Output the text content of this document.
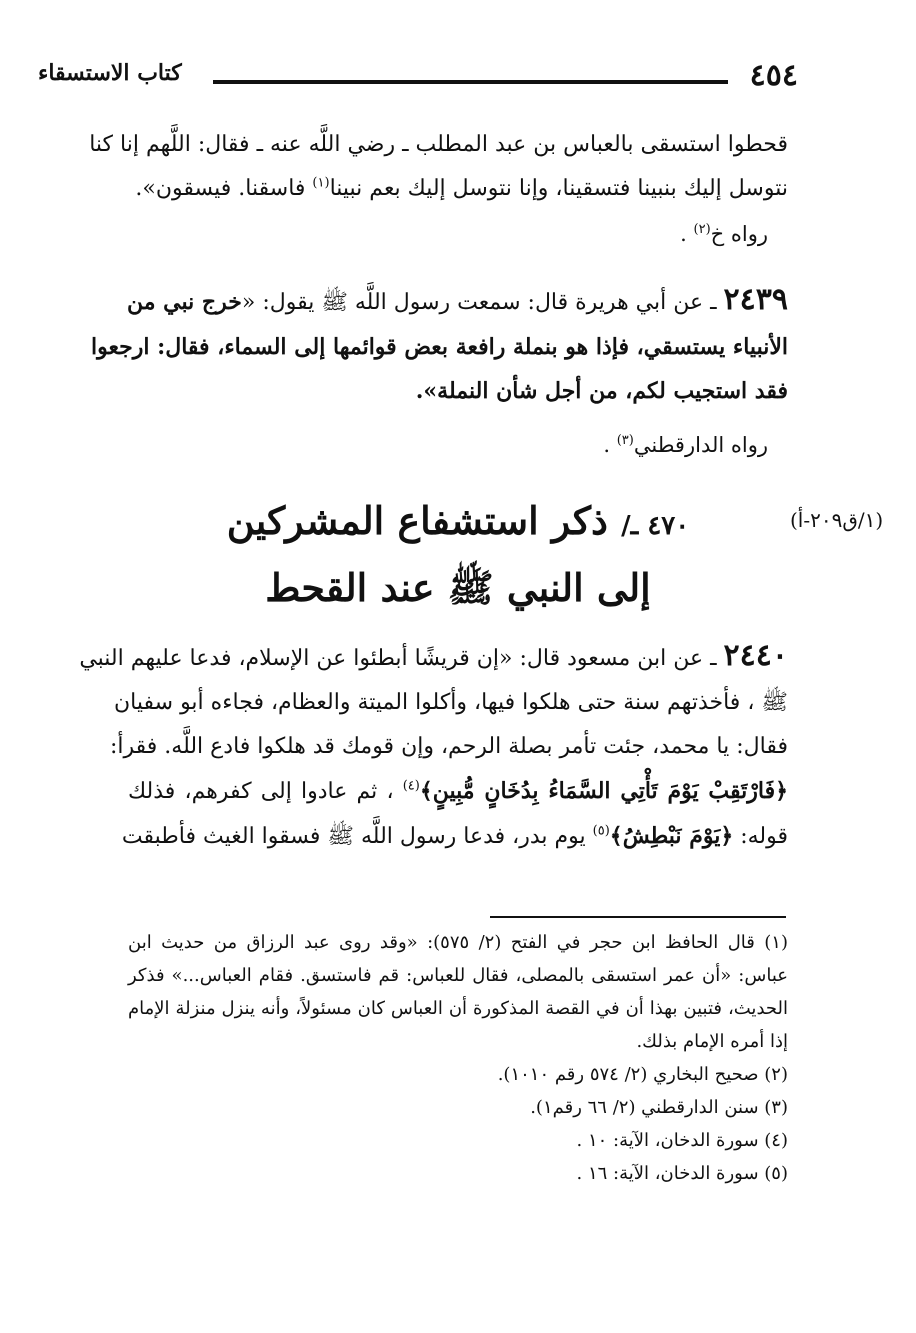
٤٥٤
كتاب الاستسقاء
قحطوا استسقى بالعباس بن عبد المطلب ـ رضي اللَّه عنه ـ فقال: اللَّهم إنا كنا
نتوسل إليك بنبينا فتسقينا، وإنا نتوسل إليك بعم نبينا$^{(١)}$ فاسقنا. فيسقون».
رواه خ$^{(٢)}$ .
٢٤٣٩ ـ عن أبي هريرة قال: سمعت رسول اللَّه ﷺ يقول: «خرج نبي من
الأنبياء يستسقي، فإذا هو بنملة رافعة بعض قوائمها إلى السماء، فقال: ارجعوا
فقد استجيب لكم، من أجل شأن النملة».
رواه الدارقطني$^{(٣)}$ .
٤٧٠ ـ/ ذكر استشفاع المشركين
إلى النبي ﷺ عند القحط
(١/ق٢٠٩-أ)
٢٤٤٠ ـ عن ابن مسعود قال: «إن قريشًا أبطئوا عن الإسلام، فدعا عليهم النبي
ﷺ ، فأخذتهم سنة حتى هلكوا فيها، وأكلوا الميتة والعظام، فجاءه أبو سفيان
فقال: يا محمد، جئت تأمر بصلة الرحم، وإن قومك قد هلكوا فادع اللَّه. فقرأ:
﴿فَارْتَقِبْ يَوْمَ تَأْتِي السَّمَاءُ بِدُخَانٍ مُّبِينٍ﴾$^{(٤)}$ ، ثم عادوا إلى كفرهم، فذلك
قوله: ﴿يَوْمَ نَبْطِشُ﴾$^{(٥)}$ يوم بدر، فدعا رسول اللَّه ﷺ فسقوا الغيث فأطبقت
(١) قال الحافظ ابن حجر في الفتح (٢/ ٥٧٥): «وقد روى عبد الرزاق من حديث ابن
عباس: «أن عمر استسقى بالمصلى، فقال للعباس: قم فاستسق. فقام العباس...» فذكر
الحديث، فتبين بهذا أن في القصة المذكورة أن العباس كان مسئولاً، وأنه ينزل منزلة الإمام
إذا أمره الإمام بذلك.
(٢) صحيح البخاري (٢/ ٥٧٤ رقم ١٠١٠).
(٣) سنن الدارقطني (٢/ ٦٦ رقم١).
(٤) سورة الدخان، الآية: ١٠ .
(٥) سورة الدخان، الآية: ١٦ .
